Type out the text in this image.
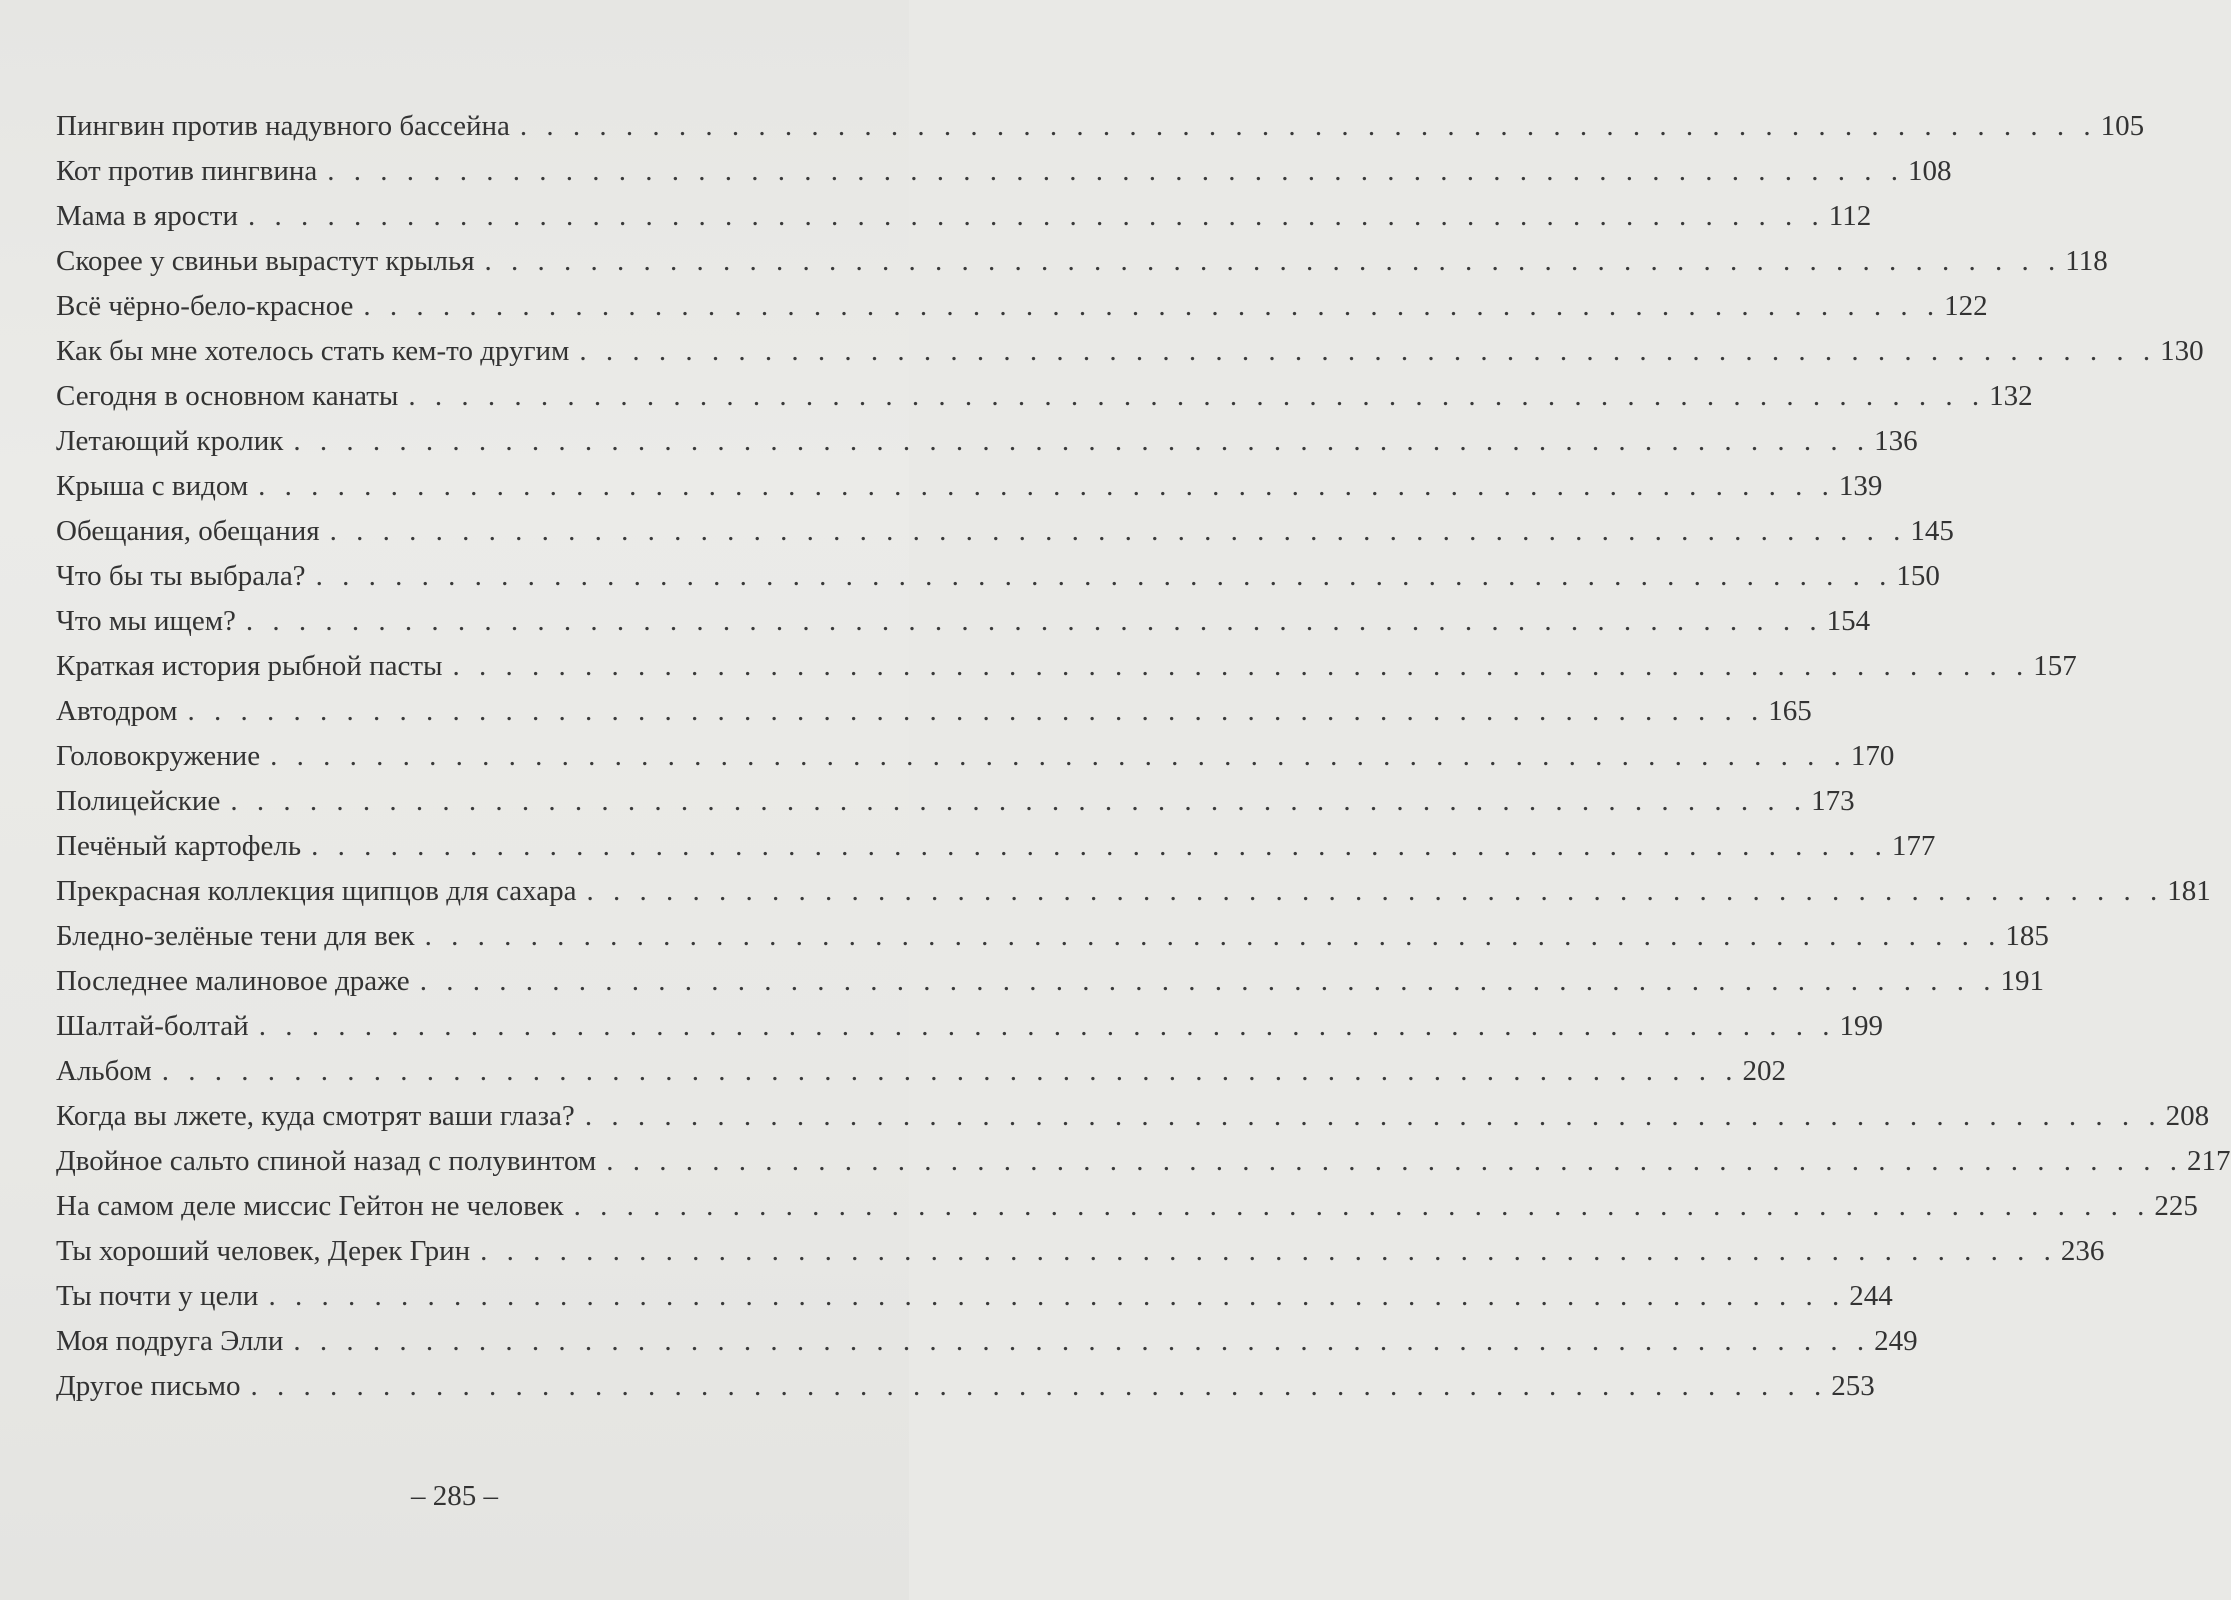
Пингвин против надувного бассейна . . . . . . . . . . . . . . . . . . . . . . . . . . . . . . . . . . . . . . . . . . . . . . . . . . . . . . . . . . . . 105
Кот против пингвина . . . . . . . . . . . . . . . . . . . . . . . . . . . . . . . . . . . . . . . . . . . . . . . . . . . . . . . . . . . . 108
Мама в ярости . . . . . . . . . . . . . . . . . . . . . . . . . . . . . . . . . . . . . . . . . . . . . . . . . . . . . . . . . . . . 112
Скорее у свиньи вырастут крылья . . . . . . . . . . . . . . . . . . . . . . . . . . . . . . . . . . . . . . . . . . . . . . . . . . . . . . . . . . . . 118
Всё чёрно-бело-красное . . . . . . . . . . . . . . . . . . . . . . . . . . . . . . . . . . . . . . . . . . . . . . . . . . . . . . . . . . . . 122
Как бы мне хотелось стать кем-то другим . . . . . . . . . . . . . . . . . . . . . . . . . . . . . . . . . . . . . . . . . . . . . . . . . . . . . . . . . . . . 130
Сегодня в основном канаты . . . . . . . . . . . . . . . . . . . . . . . . . . . . . . . . . . . . . . . . . . . . . . . . . . . . . . . . . . . . 132
Летающий кролик . . . . . . . . . . . . . . . . . . . . . . . . . . . . . . . . . . . . . . . . . . . . . . . . . . . . . . . . . . . . 136
Крыша с видом . . . . . . . . . . . . . . . . . . . . . . . . . . . . . . . . . . . . . . . . . . . . . . . . . . . . . . . . . . . . 139
Обещания, обещания . . . . . . . . . . . . . . . . . . . . . . . . . . . . . . . . . . . . . . . . . . . . . . . . . . . . . . . . . . . . 145
Что бы ты выбрала? . . . . . . . . . . . . . . . . . . . . . . . . . . . . . . . . . . . . . . . . . . . . . . . . . . . . . . . . . . . . 150
Что мы ищем? . . . . . . . . . . . . . . . . . . . . . . . . . . . . . . . . . . . . . . . . . . . . . . . . . . . . . . . . . . . . 154
Краткая история рыбной пасты . . . . . . . . . . . . . . . . . . . . . . . . . . . . . . . . . . . . . . . . . . . . . . . . . . . . . . . . . . . . 157
Автодром . . . . . . . . . . . . . . . . . . . . . . . . . . . . . . . . . . . . . . . . . . . . . . . . . . . . . . . . . . . . 165
Головокружение . . . . . . . . . . . . . . . . . . . . . . . . . . . . . . . . . . . . . . . . . . . . . . . . . . . . . . . . . . . . 170
Полицейские . . . . . . . . . . . . . . . . . . . . . . . . . . . . . . . . . . . . . . . . . . . . . . . . . . . . . . . . . . . . 173
Печёный картофель . . . . . . . . . . . . . . . . . . . . . . . . . . . . . . . . . . . . . . . . . . . . . . . . . . . . . . . . . . . . 177
Прекрасная коллекция щипцов для сахара . . . . . . . . . . . . . . . . . . . . . . . . . . . . . . . . . . . . . . . . . . . . . . . . . . . . . . . . . . . . 181
Бледно-зелёные тени для век . . . . . . . . . . . . . . . . . . . . . . . . . . . . . . . . . . . . . . . . . . . . . . . . . . . . . . . . . . . . 185
Последнее малиновое драже . . . . . . . . . . . . . . . . . . . . . . . . . . . . . . . . . . . . . . . . . . . . . . . . . . . . . . . . . . . . 191
Шалтай-болтай . . . . . . . . . . . . . . . . . . . . . . . . . . . . . . . . . . . . . . . . . . . . . . . . . . . . . . . . . . . . 199
Альбом . . . . . . . . . . . . . . . . . . . . . . . . . . . . . . . . . . . . . . . . . . . . . . . . . . . . . . . . . . . . 202
Когда вы лжете, куда смотрят ваши глаза? . . . . . . . . . . . . . . . . . . . . . . . . . . . . . . . . . . . . . . . . . . . . . . . . . . . . . . . . . . . . 208
Двойное сальто спиной назад с полувинтом . . . . . . . . . . . . . . . . . . . . . . . . . . . . . . . . . . . . . . . . . . . . . . . . . . . . . . . . . . . . 217
На самом деле миссис Гейтон не человек . . . . . . . . . . . . . . . . . . . . . . . . . . . . . . . . . . . . . . . . . . . . . . . . . . . . . . . . . . . . 225
Ты хороший человек, Дерек Грин . . . . . . . . . . . . . . . . . . . . . . . . . . . . . . . . . . . . . . . . . . . . . . . . . . . . . . . . . . . . 236
Ты почти у цели . . . . . . . . . . . . . . . . . . . . . . . . . . . . . . . . . . . . . . . . . . . . . . . . . . . . . . . . . . . . 244
Моя подруга Элли . . . . . . . . . . . . . . . . . . . . . . . . . . . . . . . . . . . . . . . . . . . . . . . . . . . . . . . . . . . . 249
Другое письмо . . . . . . . . . . . . . . . . . . . . . . . . . . . . . . . . . . . . . . . . . . . . . . . . . . . . . . . . . . . . 253
– 285 –
